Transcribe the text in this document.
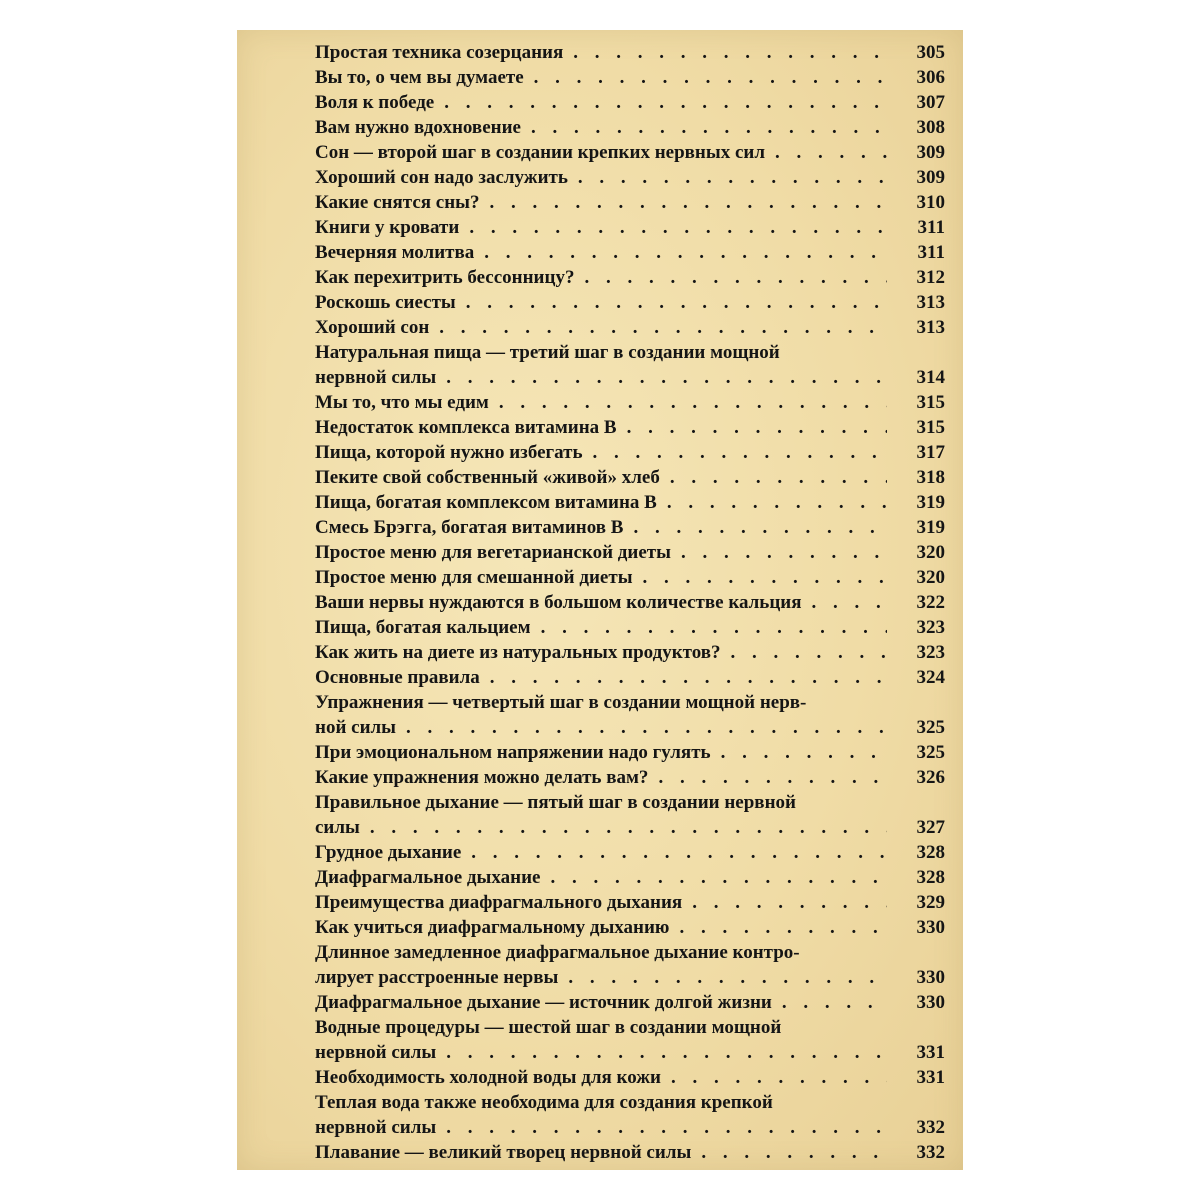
Простая техника созерцания . . .	305
Вы то, о чем вы думаете . . .	306
Воля к победе . . .	307
Вам нужно вдохновение . . .	308
Сон — второй шаг в создании крепких нервных сил . . .	309
Хороший сон надо заслужить . . .	309
Какие снятся сны? . . .	310
Книги у кровати . . .	311
Вечерняя молитва . . .	311
Как перехитрить бессонницу? . . .	312
Роскошь сиесты . . .	313
Хороший сон . . .	313
Натуральная пища — третий шаг в создании мощной
нервной силы . . .	314
Мы то, что мы едим . . .	315
Недостаток комплекса витамина В . . .	315
Пища, которой нужно избегать . . .	317
Пеките свой собственный «живой» хлеб . . .	318
Пища, богатая комплексом витамина В . . .	319
Смесь Брэгга, богатая витаминов В . . .	319
Простое меню для вегетарианской диеты . . .	320
Простое меню для смешанной диеты . . .	320
Ваши нервы нуждаются в большом количестве кальция . . .	322
Пища, богатая кальцием . . .	323
Как жить на диете из натуральных продуктов? . . .	323
Основные правила . . .	324
Упражнения — четвертый шаг в создании мощной нерв-
ной силы . . .	325
При эмоциональном напряжении надо гулять . . .	325
Какие упражнения можно делать вам? . . .	326
Правильное дыхание — пятый шаг в создании нервной
силы . . .	327
Грудное дыхание . . .	328
Диафрагмальное дыхание . . .	328
Преимущества диафрагмального дыхания . . .	329
Как учиться диафрагмальному дыханию . . .	330
Длинное замедленное диафрагмальное дыхание контро-
лирует расстроенные нервы . . .	330
Диафрагмальное дыхание — источник долгой жизни . . .	330
Водные процедуры — шестой шаг в создании мощной
нервной силы . . .	331
Необходимость холодной воды для кожи . . .	331
Теплая вода также необходима для создания крепкой
нервной силы . . .	332
Плавание — великий творец нервной силы . . .	332
